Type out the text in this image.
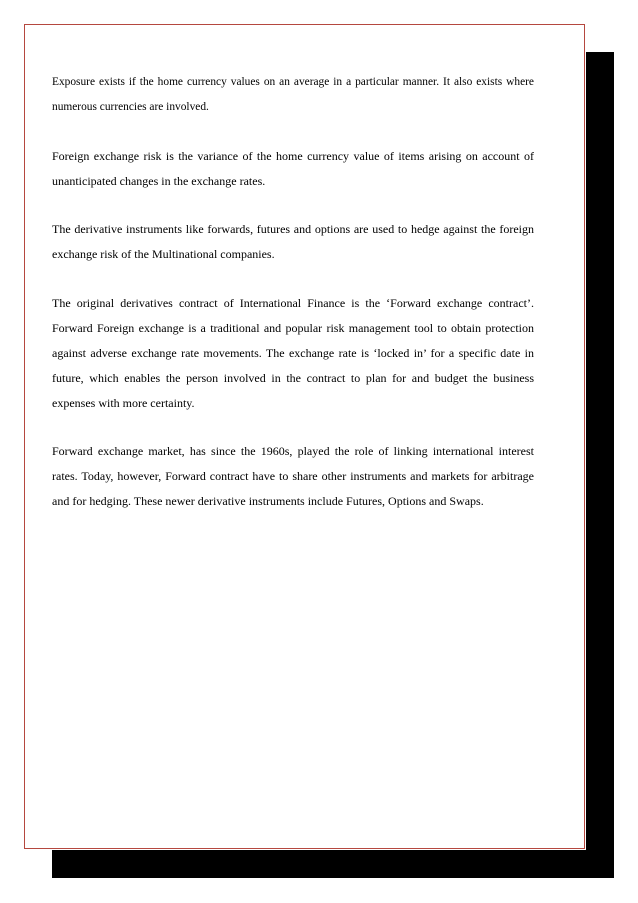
Exposure exists if the home currency values on an average in a particular manner. It also exists where numerous currencies are involved.

Foreign exchange risk is the variance of the home currency value of items arising on account of unanticipated changes in the exchange rates.

The derivative instruments like forwards, futures and options are used to hedge against the foreign exchange risk of the Multinational companies.

The original derivatives contract of International Finance is the ‘Forward exchange contract’. Forward Foreign exchange is a traditional and popular risk management tool to obtain protection against adverse exchange rate movements. The exchange rate is ‘locked in’ for a specific date in future, which enables the person involved in the contract to plan for and budget the business expenses with more certainty.

Forward exchange market, has since the 1960s, played the role of linking international interest rates. Today, however, Forward contract have to share other instruments and markets for arbitrage and for hedging. These newer derivative instruments include Futures, Options and Swaps.
